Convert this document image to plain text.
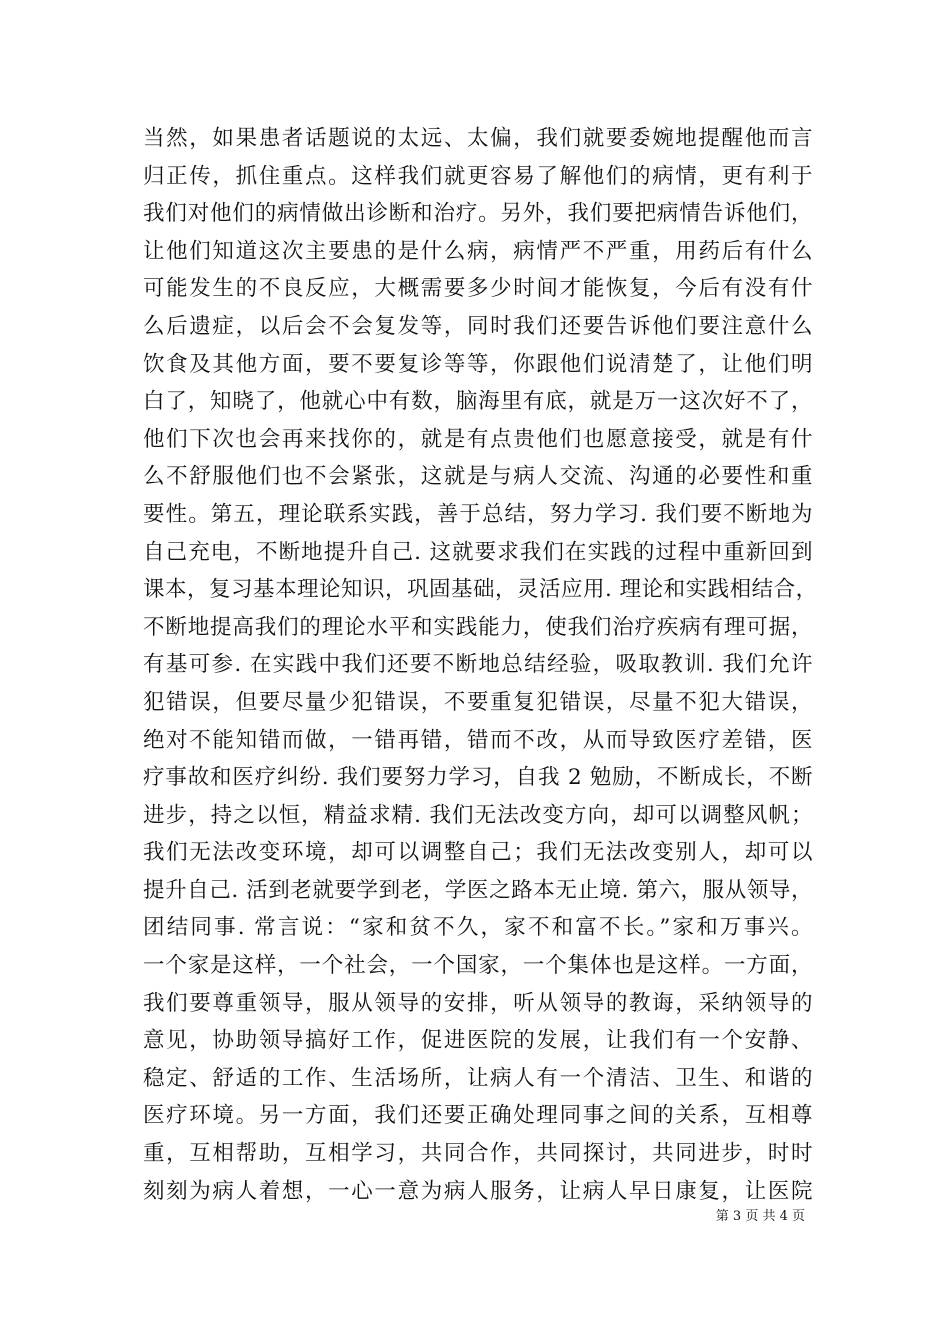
当然，如果患者话题说的太远、太偏，我们就要委婉地提醒他而言
归正传，抓住重点。这样我们就更容易了解他们的病情，更有利于
我们对他们的病情做出诊断和治疗。另外，我们要把病情告诉他们，
让他们知道这次主要患的是什么病，病情严不严重，用药后有什么
可能发生的不良反应，大概需要多少时间才能恢复，今后有没有什
么后遗症，以后会不会复发等，同时我们还要告诉他们要注意什么
饮食及其他方面，要不要复诊等等，你跟他们说清楚了，让他们明
白了，知晓了，他就心中有数，脑海里有底，就是万一这次好不了，
他们下次也会再来找你的，就是有点贵他们也愿意接受，就是有什
么不舒服他们也不会紧张，这就是与病人交流、沟通的必要性和重
要性。第五，理论联系实践，善于总结，努力学习. 我们要不断地为
自己充电，不断地提升自己. 这就要求我们在实践的过程中重新回到
课本，复习基本理论知识，巩固基础，灵活应用. 理论和实践相结合，
不断地提高我们的理论水平和实践能力，使我们治疗疾病有理可据，
有基可参. 在实践中我们还要不断地总结经验，吸取教训. 我们允许
犯错误，但要尽量少犯错误，不要重复犯错误，尽量不犯大错误，
绝对不能知错而做，一错再错，错而不改，从而导致医疗差错，医
疗事故和医疗纠纷. 我们要努力学习，自我 2 勉励，不断成长，不断
进步，持之以恒，精益求精. 我们无法改变方向，却可以调整风帆；
我们无法改变环境，却可以调整自己；我们无法改变别人，却可以
提升自己. 活到老就要学到老，学医之路本无止境. 第六，服从领导，
团结同事. 常言说：“家和贫不久，家不和富不长。”家和万事兴。
一个家是这样，一个社会，一个国家，一个集体也是这样。一方面，
我们要尊重领导，服从领导的安排，听从领导的教诲，采纳领导的
意见，协助领导搞好工作，促进医院的发展，让我们有一个安静、
稳定、舒适的工作、生活场所，让病人有一个清洁、卫生、和谐的
医疗环境。另一方面，我们还要正确处理同事之间的关系，互相尊
重，互相帮助，互相学习，共同合作，共同探讨，共同进步，时时
刻刻为病人着想，一心一意为病人服务，让病人早日康复，让医院
第 3 页 共 4 页
